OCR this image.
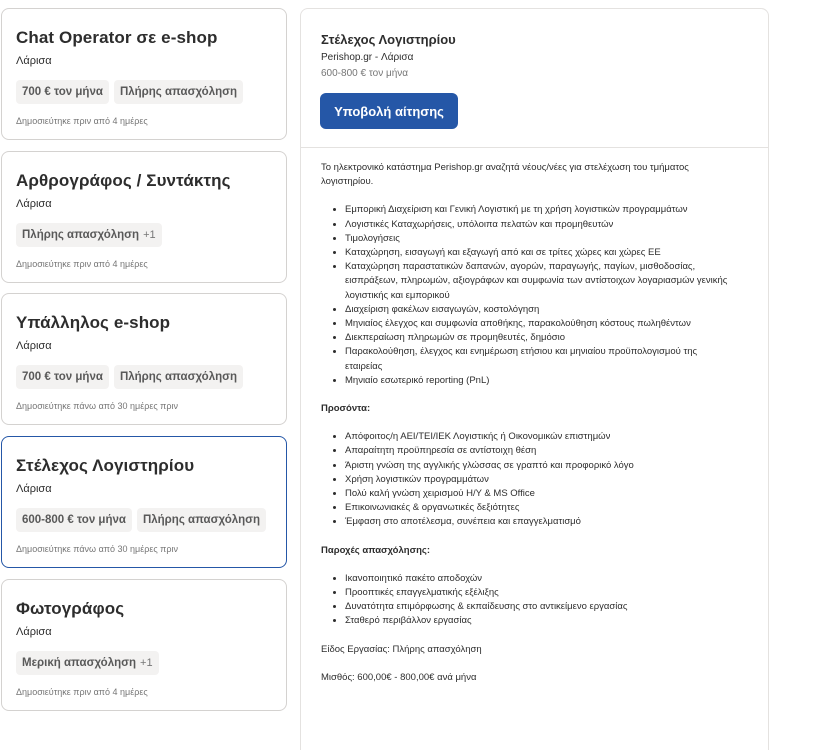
Chat Operator σε e-shop
Λάρισα
700 € τον μήνα	Πλήρης απασχόληση
Δημοσιεύτηκε πριν από 4 ημέρες
Αρθρογράφος / Συντάκτης
Λάρισα
Πλήρης απασχόληση +1
Δημοσιεύτηκε πριν από 4 ημέρες
Υπάλληλος e-shop
Λάρισα
700 € τον μήνα	Πλήρης απασχόληση
Δημοσιεύτηκε πάνω από 30 ημέρες πριν
Στέλεχος Λογιστηρίου
Λάρισα
600-800 € τον μήνα	Πλήρης απασχόληση
Δημοσιεύτηκε πάνω από 30 ημέρες πριν
Φωτογράφος
Λάρισα
Μερική απασχόληση +1
Δημοσιεύτηκε πριν από 4 ημέρες
Στέλεχος Λογιστηρίου
Perishop.gr - Λάρισα
600-800 € τον μήνα
Υποβολή αίτησης

Το ηλεκτρονικό κατάστημα Perishop.gr αναζητά νέους/νέες για στελέχωση του τμήματος λογιστηρίου.

• Εμπορική Διαχείριση και Γενική Λογιστική με τη χρήση λογιστικών προγραμμάτων
• Λογιστικές Καταχωρήσεις, υπόλοιπα πελατών και προμηθευτών
• Τιμολογήσεις
• Καταχώρηση, εισαγωγή και εξαγωγή από και σε τρίτες χώρες και χώρες ΕΕ
• Καταχώρηση παραστατικών δαπανών, αγορών, παραγωγής, παγίων, μισθοδοσίας, εισπράξεων, πληρωμών, αξιογράφων και συμφωνία των αντίστοιχων λογαριασμών γενικής λογιστικής και εμπορικού
• Διαχείριση φακέλων εισαγωγών, κοστολόγηση
• Μηνιαίος έλεγχος και συμφωνία αποθήκης, παρακολούθηση κόστους πωληθέντων
• Διεκπεραίωση πληρωμών σε προμηθευτές, δημόσιο
• Παρακολούθηση, έλεγχος και ενημέρωση ετήσιου και μηνιαίου προϋπολογισμού της εταιρείας
• Μηνιαίο εσωτερικό reporting (PnL)
Προσόντα:
• Απόφοιτος/η ΑΕΙ/ΤΕΙ/ΙΕΚ Λογιστικής ή Οικονομικών επιστημών
• Απαραίτητη προϋπηρεσία σε αντίστοιχη θέση
• Άριστη γνώση της αγγλικής γλώσσας σε γραπτό και προφορικό λόγο
• Χρήση λογιστικών προγραμμάτων
• Πολύ καλή γνώση χειρισμού Η/Υ & MS Office
• Επικοινωνιακές & οργανωτικές δεξιότητες
• Έμφαση στο αποτέλεσμα, συνέπεια και επαγγελματισμό
Παροχές απασχόλησης:
• Ικανοποιητικό πακέτο αποδοχών
• Προοπτικές επαγγελματικής εξέλιξης
• Δυνατότητα επιμόρφωσης & εκπαίδευσης στο αντικείμενο εργασίας
• Σταθερό περιβάλλον εργασίας

Είδος Εργασίας: Πλήρης απασχόληση

Μισθός: 600,00€ - 800,00€ ανά μήνα
